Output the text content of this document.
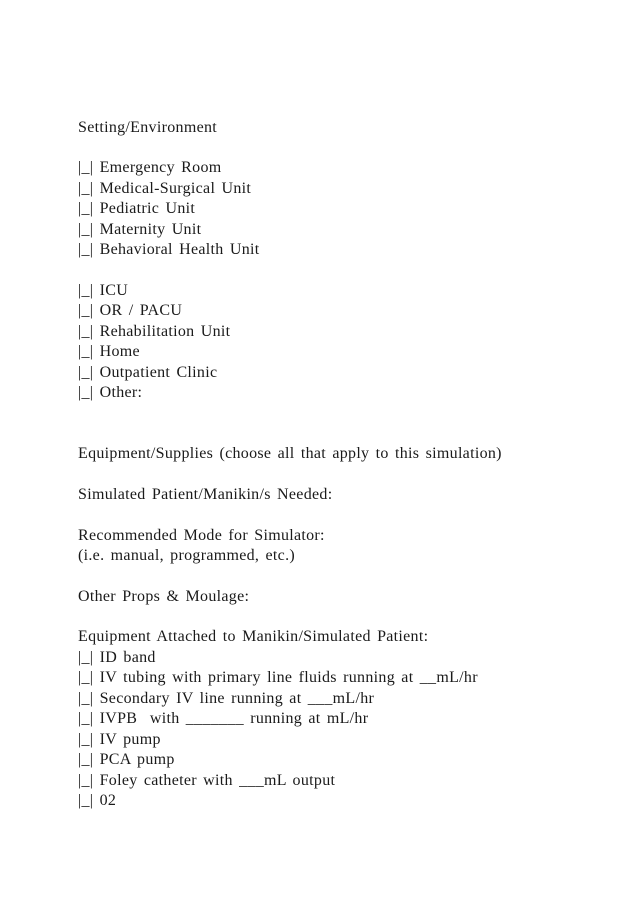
Setting/Environment

|_| Emergency Room

|_| Medical-Surgical Unit

|_| Pediatric Unit

|_| Maternity Unit

|_| Behavioral Health Unit

|_| ICU

|_| OR / PACU

|_| Rehabilitation Unit

|_| Home

|_| Outpatient Clinic

|_| Other:

Equipment/Supplies (choose all that apply to this simulation)

Simulated Patient/Manikin/s Needed:

Recommended Mode for Simulator:

(i.e. manual, programmed, etc.)

Other Props & Moulage:

Equipment Attached to Manikin/Simulated Patient:

|_| ID band

|_| IV tubing with primary line fluids running at __mL/hr

|_| Secondary IV line running at ___mL/hr

|_| IVPB  with _______ running at mL/hr

|_| IV pump

|_| PCA pump

|_| Foley catheter with ___mL output

|_| 02
